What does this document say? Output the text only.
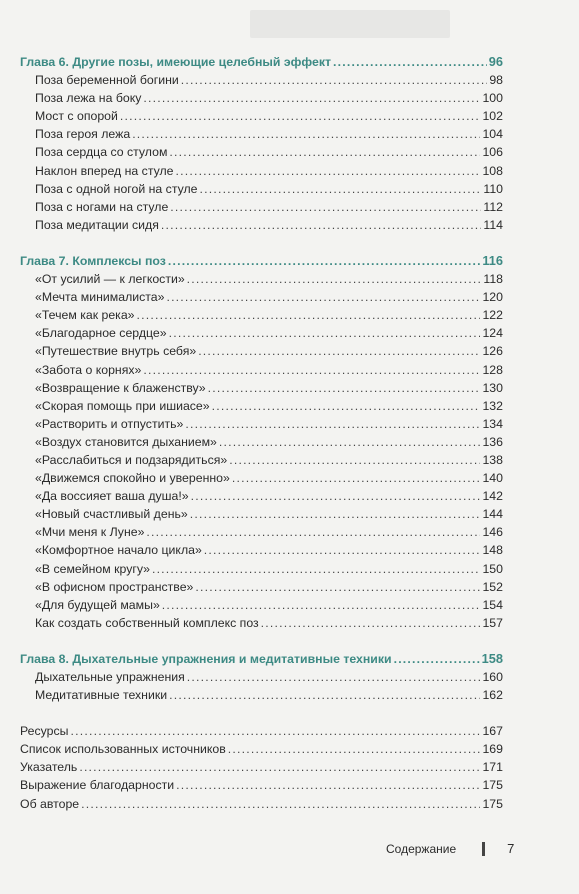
Глава 6. Другие позы, имеющие целебный эффект .....	96
Поза беременной богини .....	98
Поза лежа на боку .....	100
Мост с опорой .....	102
Поза героя лежа .....	104
Поза сердца со стулом .....	106
Наклон вперед на стуле .....	108
Поза с одной ногой на стуле .....	110
Поза с ногами на стуле .....	112
Поза медитации сидя .....	114
Глава 7. Комплексы поз .....	116
«От усилий — к легкости» .....	118
«Мечта минималиста» .....	120
«Течем как река» .....	122
«Благодарное сердце» .....	124
«Путешествие внутрь себя» .....	126
«Забота о корнях» .....	128
«Возвращение к блаженству» .....	130
«Скорая помощь при ишиасе» .....	132
«Растворить и отпустить» .....	134
«Воздух становится дыханием» .....	136
«Расслабиться и подзарядиться» .....	138
«Движемся спокойно и уверенно» .....	140
«Да воссияет ваша душа!» .....	142
«Новый счастливый день» .....	144
«Мчи меня к Луне» .....	146
«Комфортное начало цикла» .....	148
«В семейном кругу» .....	150
«В офисном пространстве» .....	152
«Для будущей мамы» .....	154
Как создать собственный комплекс поз .....	157
Глава 8. Дыхательные упражнения и медитативные техники .....	158
Дыхательные упражнения .....	160
Медитативные техники .....	162
Ресурсы .....	167
Список использованных источников .....	169
Указатель .....	171
Выражение благодарности .....	175
Об авторе .....	175
Содержание	7
